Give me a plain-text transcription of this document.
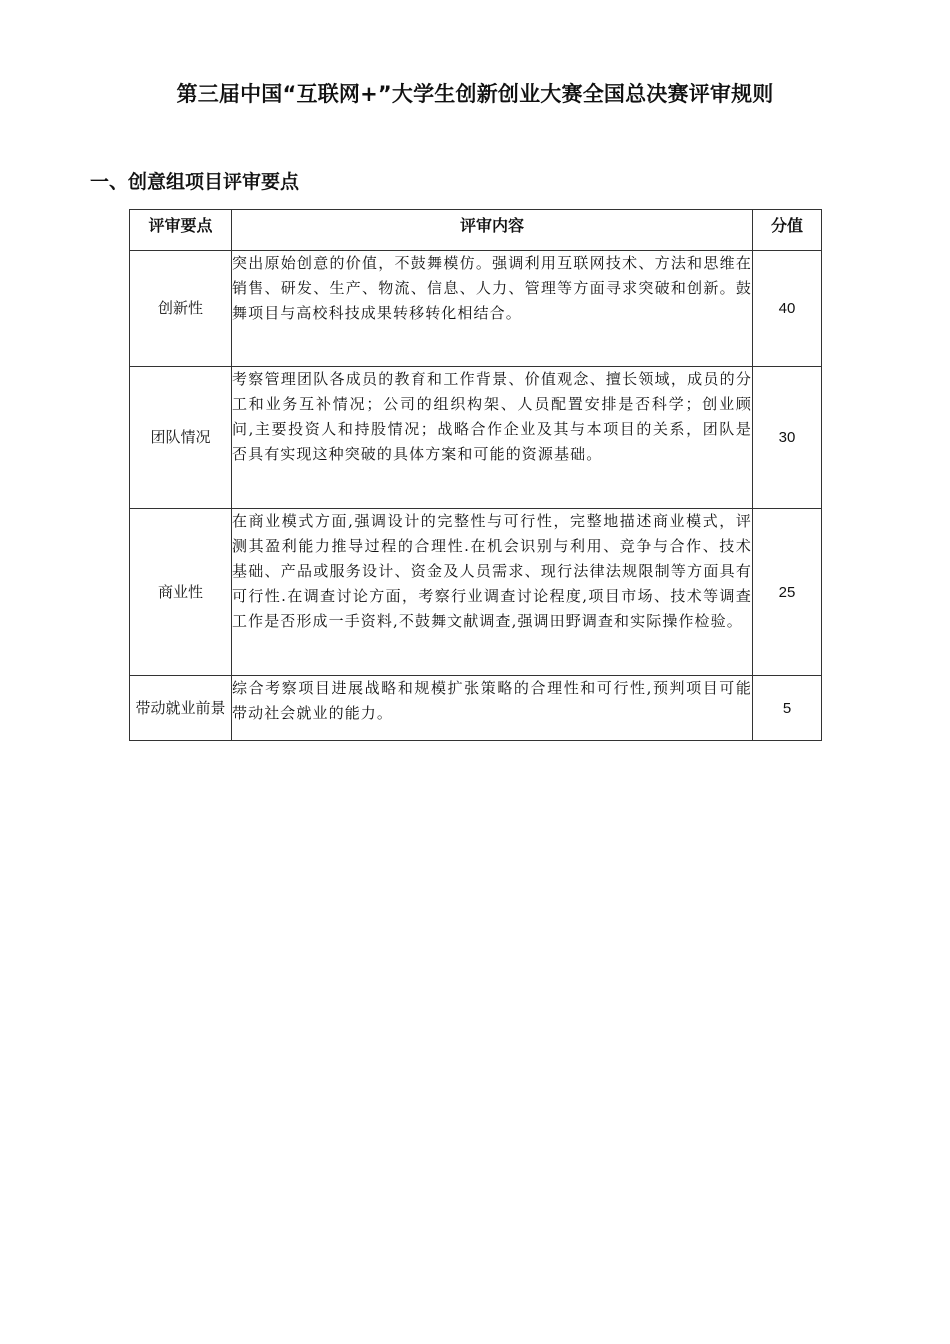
第三届中国“互联网+”大学生创新创业大赛全国总决赛评审规则
一、创意组项目评审要点
评审要点	评审内容	分值
创新性	突出原始创意的价值，不鼓舞模仿。强调利用互联网技术、方法和思维在销售、研发、生产、物流、信息、人力、管理等方面寻求突破和创新。鼓舞项目与高校科技成果转移转化相结合。	40
团队情况	考察管理团队各成员的教育和工作背景、价值观念、擅长领域，成员的分工和业务互补情况；公司的组织构架、人员配置安排是否科学；创业顾问,主要投资人和持股情况；战略合作企业及其与本项目的关系，团队是否具有实现这种突破的具体方案和可能的资源基础。	30
商业性	在商业模式方面,强调设计的完整性与可行性，完整地描述商业模式，评测其盈利能力推导过程的合理性.在机会识别与利用、竞争与合作、技术基础、产品或服务设计、资金及人员需求、现行法律法规限制等方面具有可行性.在调查讨论方面，考察行业调查讨论程度,项目市场、技术等调查工作是否形成一手资料,不鼓舞文献调查,强调田野调查和实际操作检验。	25
带动就业前景	综合考察项目进展战略和规模扩张策略的合理性和可行性,预判项目可能带动社会就业的能力。	5
